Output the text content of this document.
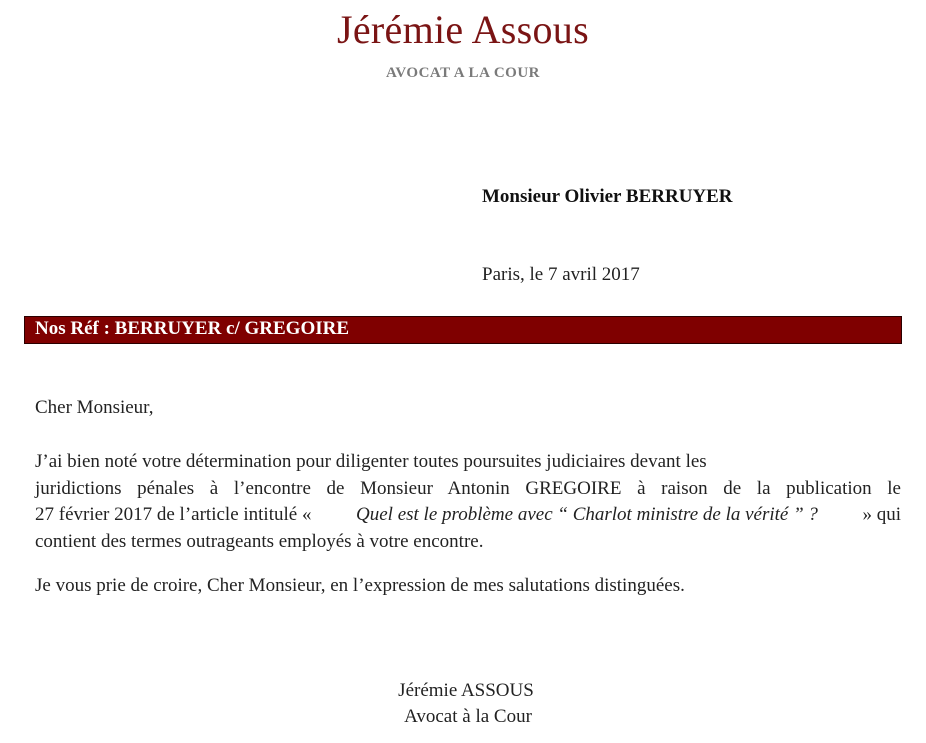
Jérémie Assous
AVOCAT A LA COUR
Monsieur Olivier BERRUYER
Paris, le 7 avril 2017
Nos Réf : BERRUYER c/ GREGOIRE
Cher Monsieur,
J’ai bien noté votre détermination pour diligenter toutes poursuites judiciaires devant les
juridictions pénales à l’encontre de Monsieur Antonin GREGOIRE à raison de la publication le
27 février 2017 de l’article intitulé « Quel est le problème avec “ Charlot ministre de la vérité ” ? » qui
contient des termes outrageants employés à votre encontre.
Je vous prie de croire, Cher Monsieur, en l’expression de mes salutations distinguées.
Jérémie ASSOUS
Avocat à la Cour
